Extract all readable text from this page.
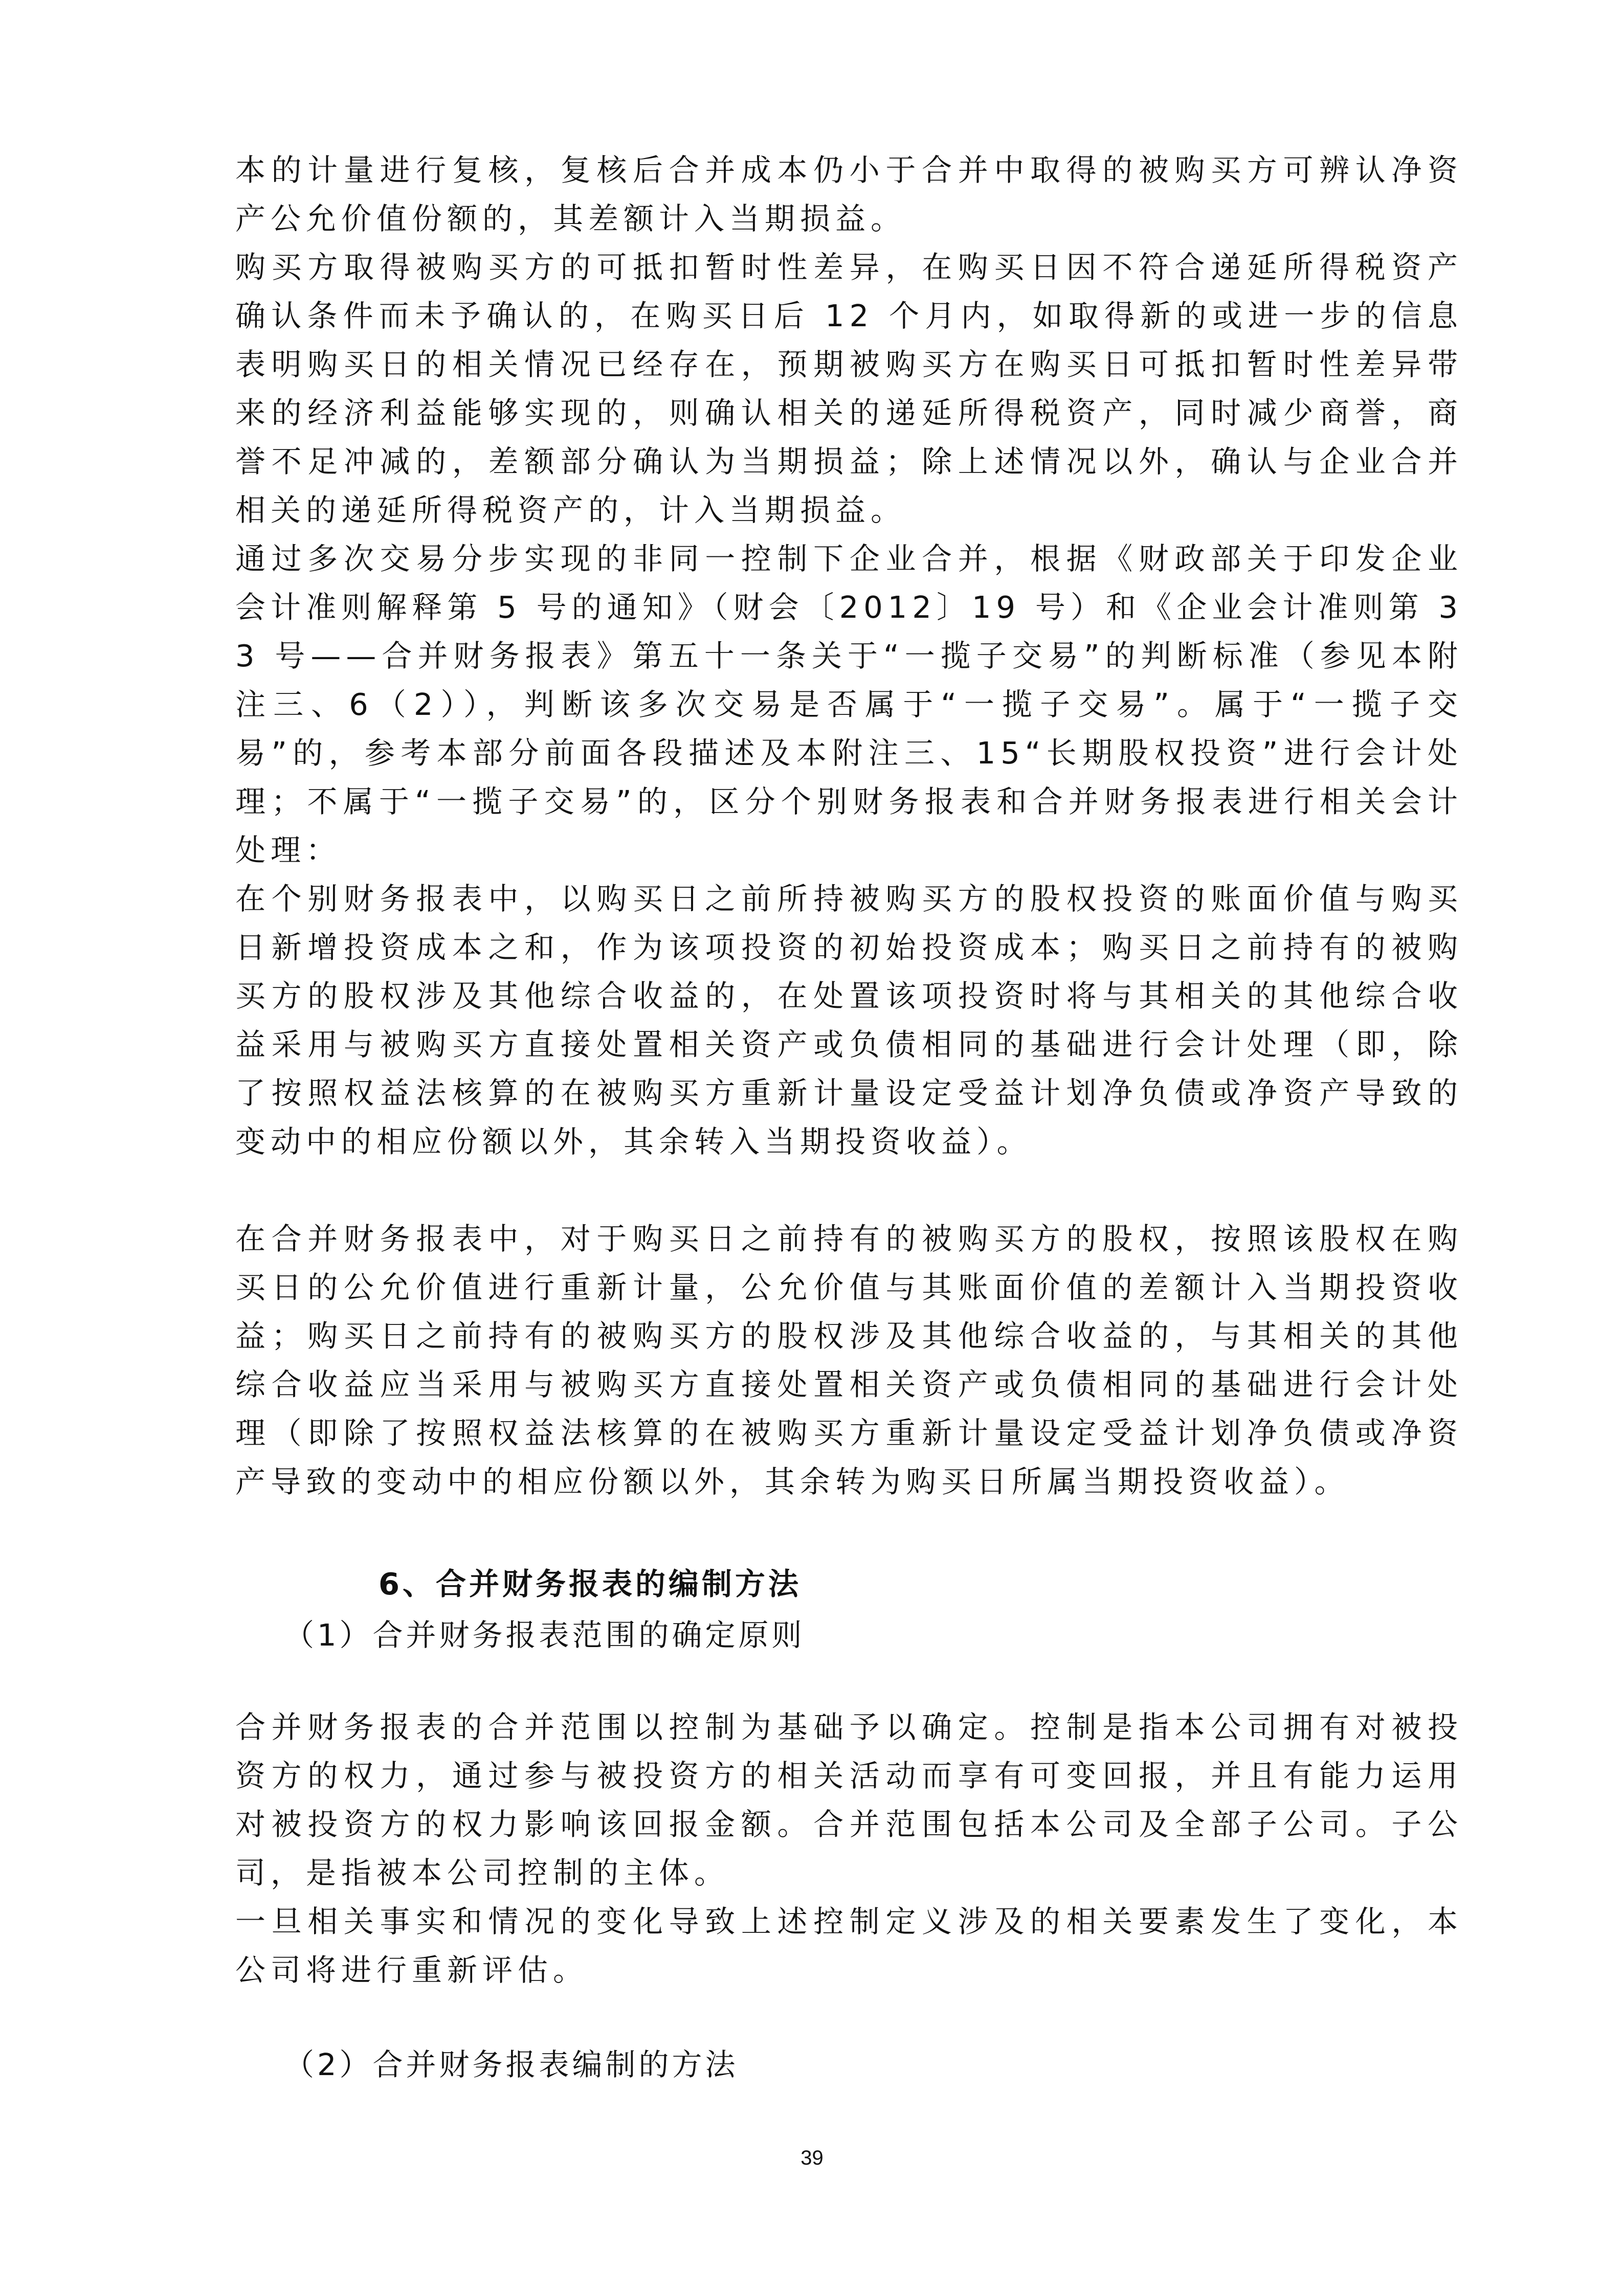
本的计量进行复核，复核后合并成本仍小于合并中取得的被购买方可辨认净资产公允价值份额的，其差额计入当期损益。
购买方取得被购买方的可抵扣暂时性差异，在购买日因不符合递延所得税资产确认条件而未予确认的，在购买日后 12 个月内，如取得新的或进一步的信息表明购买日的相关情况已经存在，预期被购买方在购买日可抵扣暂时性差异带来的经济利益能够实现的，则确认相关的递延所得税资产，同时减少商誉，商誉不足冲减的，差额部分确认为当期损益；除上述情况以外，确认与企业合并相关的递延所得税资产的，计入当期损益。
通过多次交易分步实现的非同一控制下企业合并，根据《财政部关于印发企业会计准则解释第 5 号的通知》（财会〔2012〕19 号）和《企业会计准则第 33 号——合并财务报表》第五十一条关于“一揽子交易”的判断标准（参见本附注三、6（2）），判断该多次交易是否属于“一揽子交易”。属于“一揽子交易”的，参考本部分前面各段描述及本附注三、15“长期股权投资”进行会计处理；不属于“一揽子交易”的，区分个别财务报表和合并财务报表进行相关会计处理：
在个别财务报表中，以购买日之前所持被购买方的股权投资的账面价值与购买日新增投资成本之和，作为该项投资的初始投资成本；购买日之前持有的被购买方的股权涉及其他综合收益的，在处置该项投资时将与其相关的其他综合收益采用与被购买方直接处置相关资产或负债相同的基础进行会计处理（即，除了按照权益法核算的在被购买方重新计量设定受益计划净负债或净资产导致的变动中的相应份额以外，其余转入当期投资收益）。
在合并财务报表中，对于购买日之前持有的被购买方的股权，按照该股权在购买日的公允价值进行重新计量，公允价值与其账面价值的差额计入当期投资收益；购买日之前持有的被购买方的股权涉及其他综合收益的，与其相关的其他综合收益应当采用与被购买方直接处置相关资产或负债相同的基础进行会计处理（即除了按照权益法核算的在被购买方重新计量设定受益计划净负债或净资产导致的变动中的相应份额以外，其余转为购买日所属当期投资收益）。
6、合并财务报表的编制方法
（1）合并财务报表范围的确定原则
合并财务报表的合并范围以控制为基础予以确定。控制是指本公司拥有对被投资方的权力，通过参与被投资方的相关活动而享有可变回报，并且有能力运用对被投资方的权力影响该回报金额。合并范围包括本公司及全部子公司。子公司，是指被本公司控制的主体。
一旦相关事实和情况的变化导致上述控制定义涉及的相关要素发生了变化，本公司将进行重新评估。
（2）合并财务报表编制的方法
39
